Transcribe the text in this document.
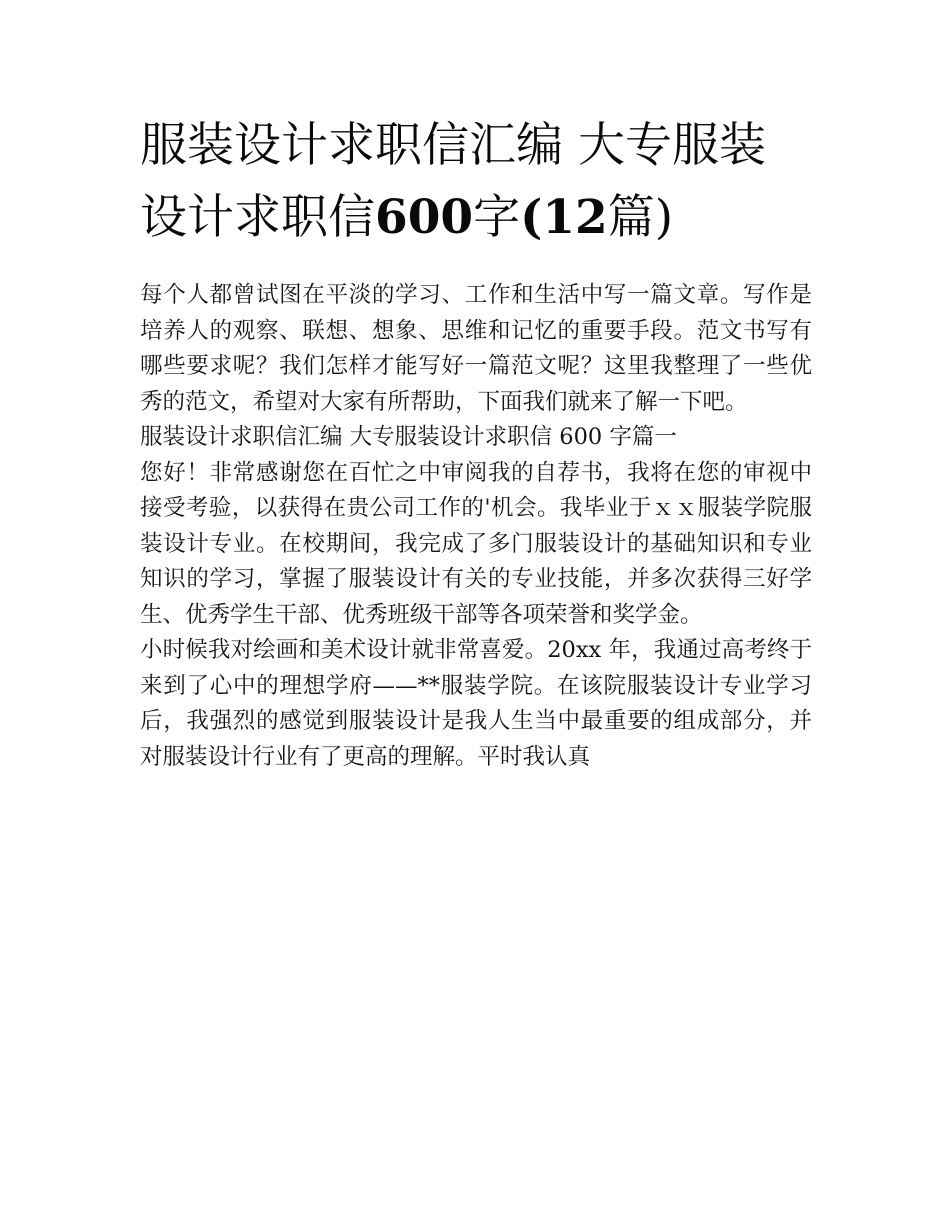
服装设计求职信汇编 大专服装设计求职信600字(12篇)

每个人都曾试图在平淡的学习、工作和生活中写一篇文章。写作是培养人的观察、联想、想象、思维和记忆的重要手段。范文书写有哪些要求呢？我们怎样才能写好一篇范文呢？这里我整理了一些优秀的范文，希望对大家有所帮助，下面我们就来了解一下吧。

服装设计求职信汇编 大专服装设计求职信 600 字篇一

您好！非常感谢您在百忙之中审阅我的自荐书，我将在您的审视中接受考验，以获得在贵公司工作的'机会。我毕业于ｘｘ服装学院服装设计专业。在校期间，我完成了多门服装设计的基础知识和专业知识的学习，掌握了服装设计有关的专业技能，并多次获得三好学生、优秀学生干部、优秀班级干部等各项荣誉和奖学金。

小时候我对绘画和美术设计就非常喜爱。20xx 年，我通过高考终于来到了心中的理想学府——**服装学院。在该院服装设计专业学习后，我强烈的感觉到服装设计是我人生当中最重要的组成部分，并对服装设计行业有了更高的理解。平时我认真
